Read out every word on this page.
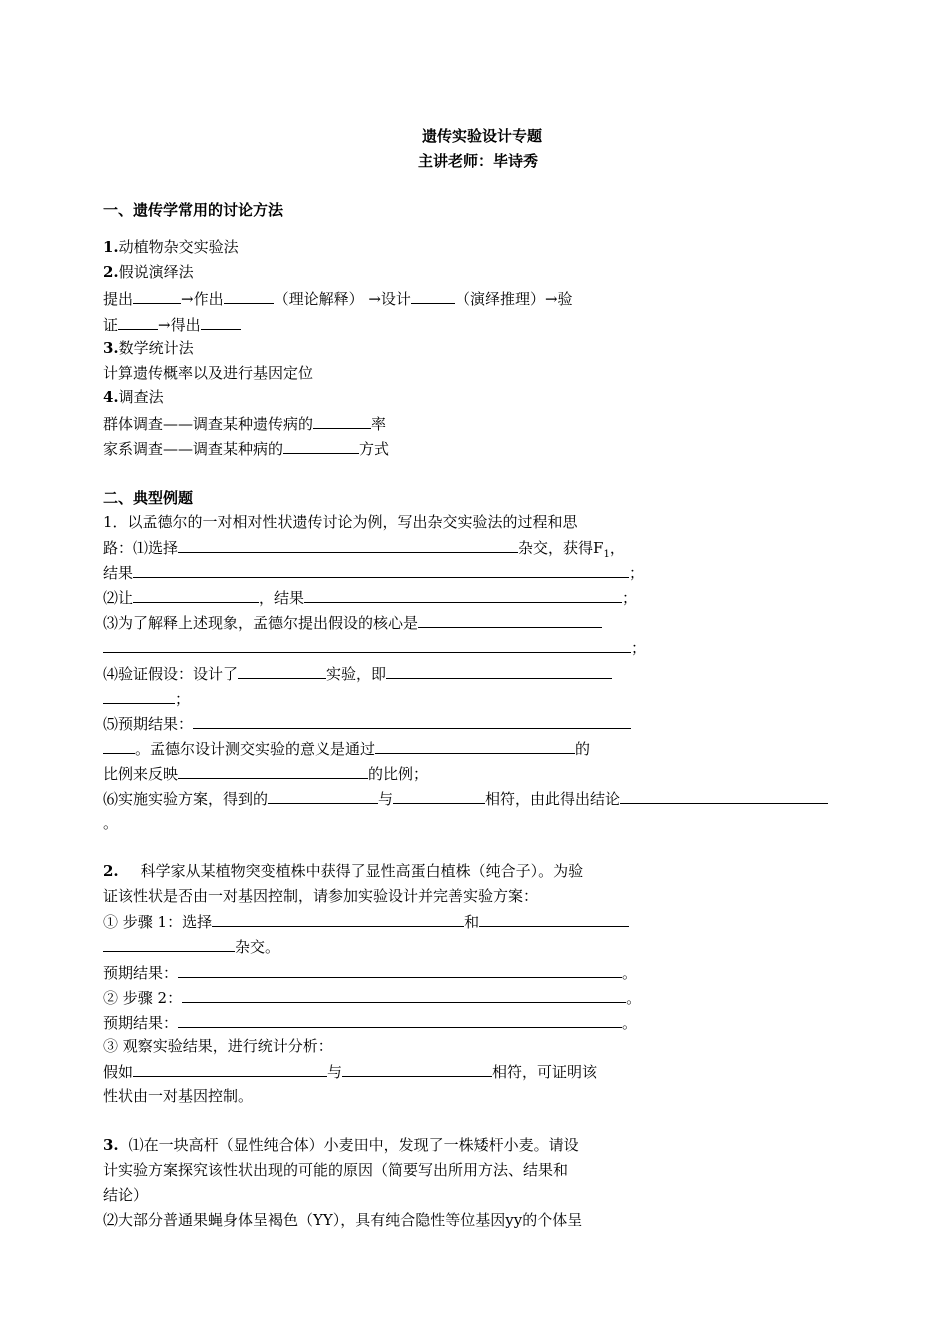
遗传实验设计专题
主讲老师：毕诗秀
一、遗传学常用的讨论方法
1.动植物杂交实验法
2.假说演绎法
提出	→作出	（理论解释） →设计	（演绎推理）→验
证	→得出
3.数学统计法
计算遗传概率以及进行基因定位
4.调查法
群体调查——调查某种遗传病的	率
家系调查——调查某种病的	方式
二、典型例题
1．以孟德尔的一对相对性状遗传讨论为例，写出杂交实验法的过程和思
路：⑴选择	杂交，获得$F_1$，
结果	；
⑵让	，结果	；
⑶为了解释上述现象，孟德尔提出假设的核心是
；
⑷验证假设：设计了	实验，即
；
⑸预期结果：
。孟德尔设计测交实验的意义是通过	的
比例来反映	的比例；
⑹实施实验方案，得到的	与	相符，由此得出结论
。
2. 科学家从某植物突变植株中获得了显性高蛋白植株（纯合子）。为验
证该性状是否由一对基因控制，请参加实验设计并完善实验方案：
① 步骤 1：选择	和
杂交。
预期结果：	。
② 步骤 2：	。
预期结果：	。
③ 观察实验结果，进行统计分析：
假如	与	相符，可证明该
性状由一对基因控制。
3. ⑴在一块高杆（显性纯合体）小麦田中，发现了一株矮杆小麦。请设
计实验方案探究该性状出现的可能的原因（简要写出所用方法、结果和
结论）
⑵大部分普通果蝇身体呈褐色（YY），具有纯合隐性等位基因yy的个体呈
